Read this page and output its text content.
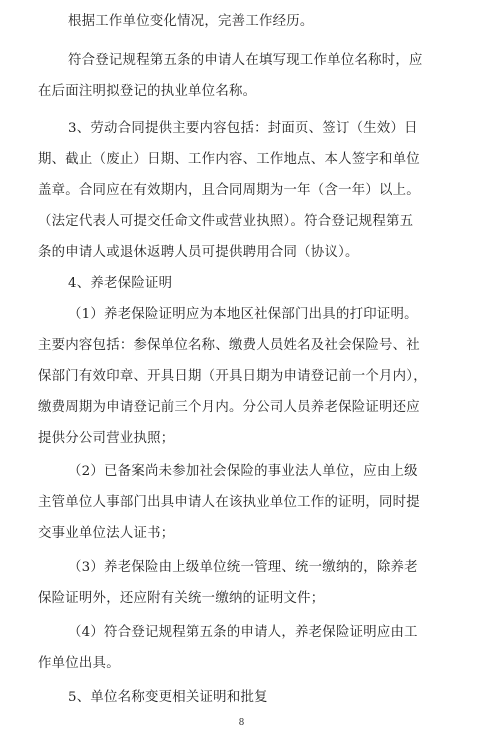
根据工作单位变化情况，完善工作经历。
符合登记规程第五条的申请人在填写现工作单位名称时，应
在后面注明拟登记的执业单位名称。
3、劳动合同提供主要内容包括：封面页、签订（生效）日
期、截止（废止）日期、工作内容、工作地点、本人签字和单位
盖章。合同应在有效期内，且合同周期为一年（含一年）以上。
（法定代表人可提交任命文件或营业执照）。符合登记规程第五
条的申请人或退休返聘人员可提供聘用合同（协议）。
4、养老保险证明
（1）养老保险证明应为本地区社保部门出具的打印证明。
主要内容包括：参保单位名称、缴费人员姓名及社会保险号、社
保部门有效印章、开具日期（开具日期为申请登记前一个月内），
缴费周期为申请登记前三个月内。分公司人员养老保险证明还应
提供分公司营业执照；
（2）已备案尚未参加社会保险的事业法人单位，应由上级
主管单位人事部门出具申请人在该执业单位工作的证明，同时提
交事业单位法人证书；
（3）养老保险由上级单位统一管理、统一缴纳的，除养老
保险证明外，还应附有关统一缴纳的证明文件；
（4）符合登记规程第五条的申请人，养老保险证明应由工
作单位出具。
5、单位名称变更相关证明和批复
8
